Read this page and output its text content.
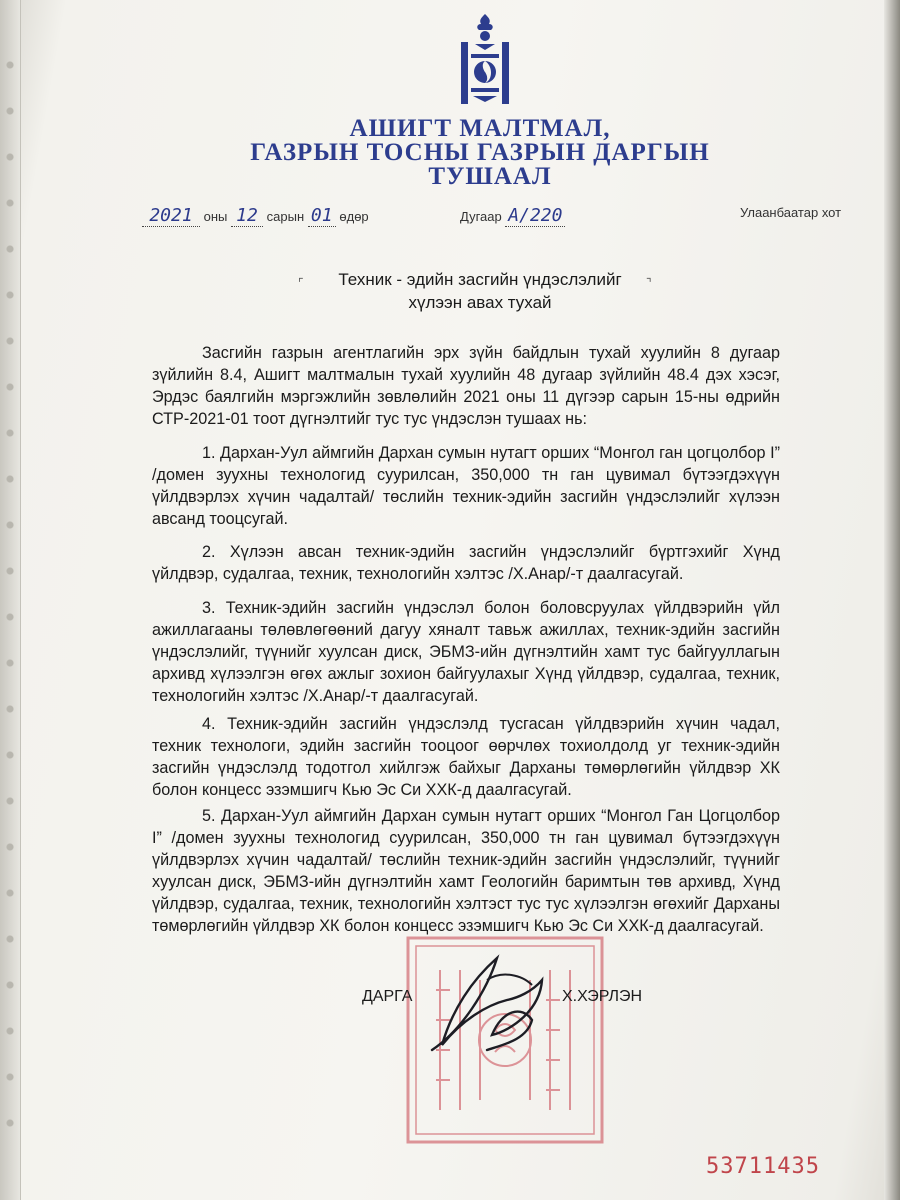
АШИГТ МАЛТМАЛ,
ГАЗРЫН ТОСНЫ ГАЗРЫН ДАРГЫН
ТУШААЛ
2021 оны 12 сарын 01 өдөр	Дугаар А/220	Улаанбаатар хот
⌜	⌝
Техник - эдийн засгийн үндэслэлийг
хүлээн авах тухай

Засгийн газрын агентлагийн эрх зүйн байдлын тухай хуулийн 8 дугаар зүйлийн 8.4, Ашигт малтмалын тухай хуулийн 48 дугаар зүйлийн 48.4 дэх хэсэг, Эрдэс баялгийн мэргэжлийн зөвлөлийн 2021 оны 11 дүгээр сарын 15-ны өдрийн СТР-2021-01 тоот дүгнэлтийг тус тус үндэслэн тушаах нь:

1. Дархан-Уул аймгийн Дархан сумын нутагт орших “Монгол ган цогцолбор I” /домен зуухны технологид суурилсан, 350,000 тн ган цувимал бүтээгдэхүүн үйлдвэрлэх хүчин чадалтай/ төслийн техник-эдийн засгийн үндэслэлийг хүлээн авсанд тооцсугай.

2. Хүлээн авсан техник-эдийн засгийн үндэслэлийг бүртгэхийг Хүнд үйлдвэр, судалгаа, техник, технологийн хэлтэс /Х.Анар/-т даалгасугай.

3. Техник-эдийн засгийн үндэслэл болон боловсруулах үйлдвэрийн үйл ажиллагааны төлөвлөгөөний дагуу хяналт тавьж ажиллах, техник-эдийн засгийн үндэслэлийг, түүнийг хуулсан диск, ЭБМЗ-ийн дүгнэлтийн хамт тус байгууллагын архивд хүлээлгэн өгөх ажлыг зохион байгуулахыг Хүнд үйлдвэр, судалгаа, техник, технологийн хэлтэс /Х.Анар/-т даалгасугай.

4. Техник-эдийн засгийн үндэслэлд тусгасан үйлдвэрийн хүчин чадал, техник технологи, эдийн засгийн тооцоог өөрчлөх тохиолдолд уг техник-эдийн засгийн үндэслэлд тодотгол хийлгэж байхыг Дарханы төмөрлөгийн үйлдвэр ХК болон концесс эзэмшигч Кью Эс Си ХХК-д даалгасугай.

5. Дархан-Уул аймгийн Дархан сумын нутагт орших “Монгол Ган Цогцолбор I” /домен зуухны технологид суурилсан, 350,000 тн ган цувимал бүтээгдэхүүн үйлдвэрлэх хүчин чадалтай/ төслийн техник-эдийн засгийн үндэслэлийг, түүнийг хуулсан диск, ЭБМЗ-ийн дүгнэлтийн хамт Геологийн баримтын төв архивд, Хүнд үйлдвэр, судалгаа, техник, технологийн хэлтэст тус тус хүлээлгэн өгөхийг Дарханы төмөрлөгийн үйлдвэр ХК болон концесс эзэмшигч Кью Эс Си ХХК-д даалгасугай.

ДАРГА	Х.ХЭРЛЭН
53711435
